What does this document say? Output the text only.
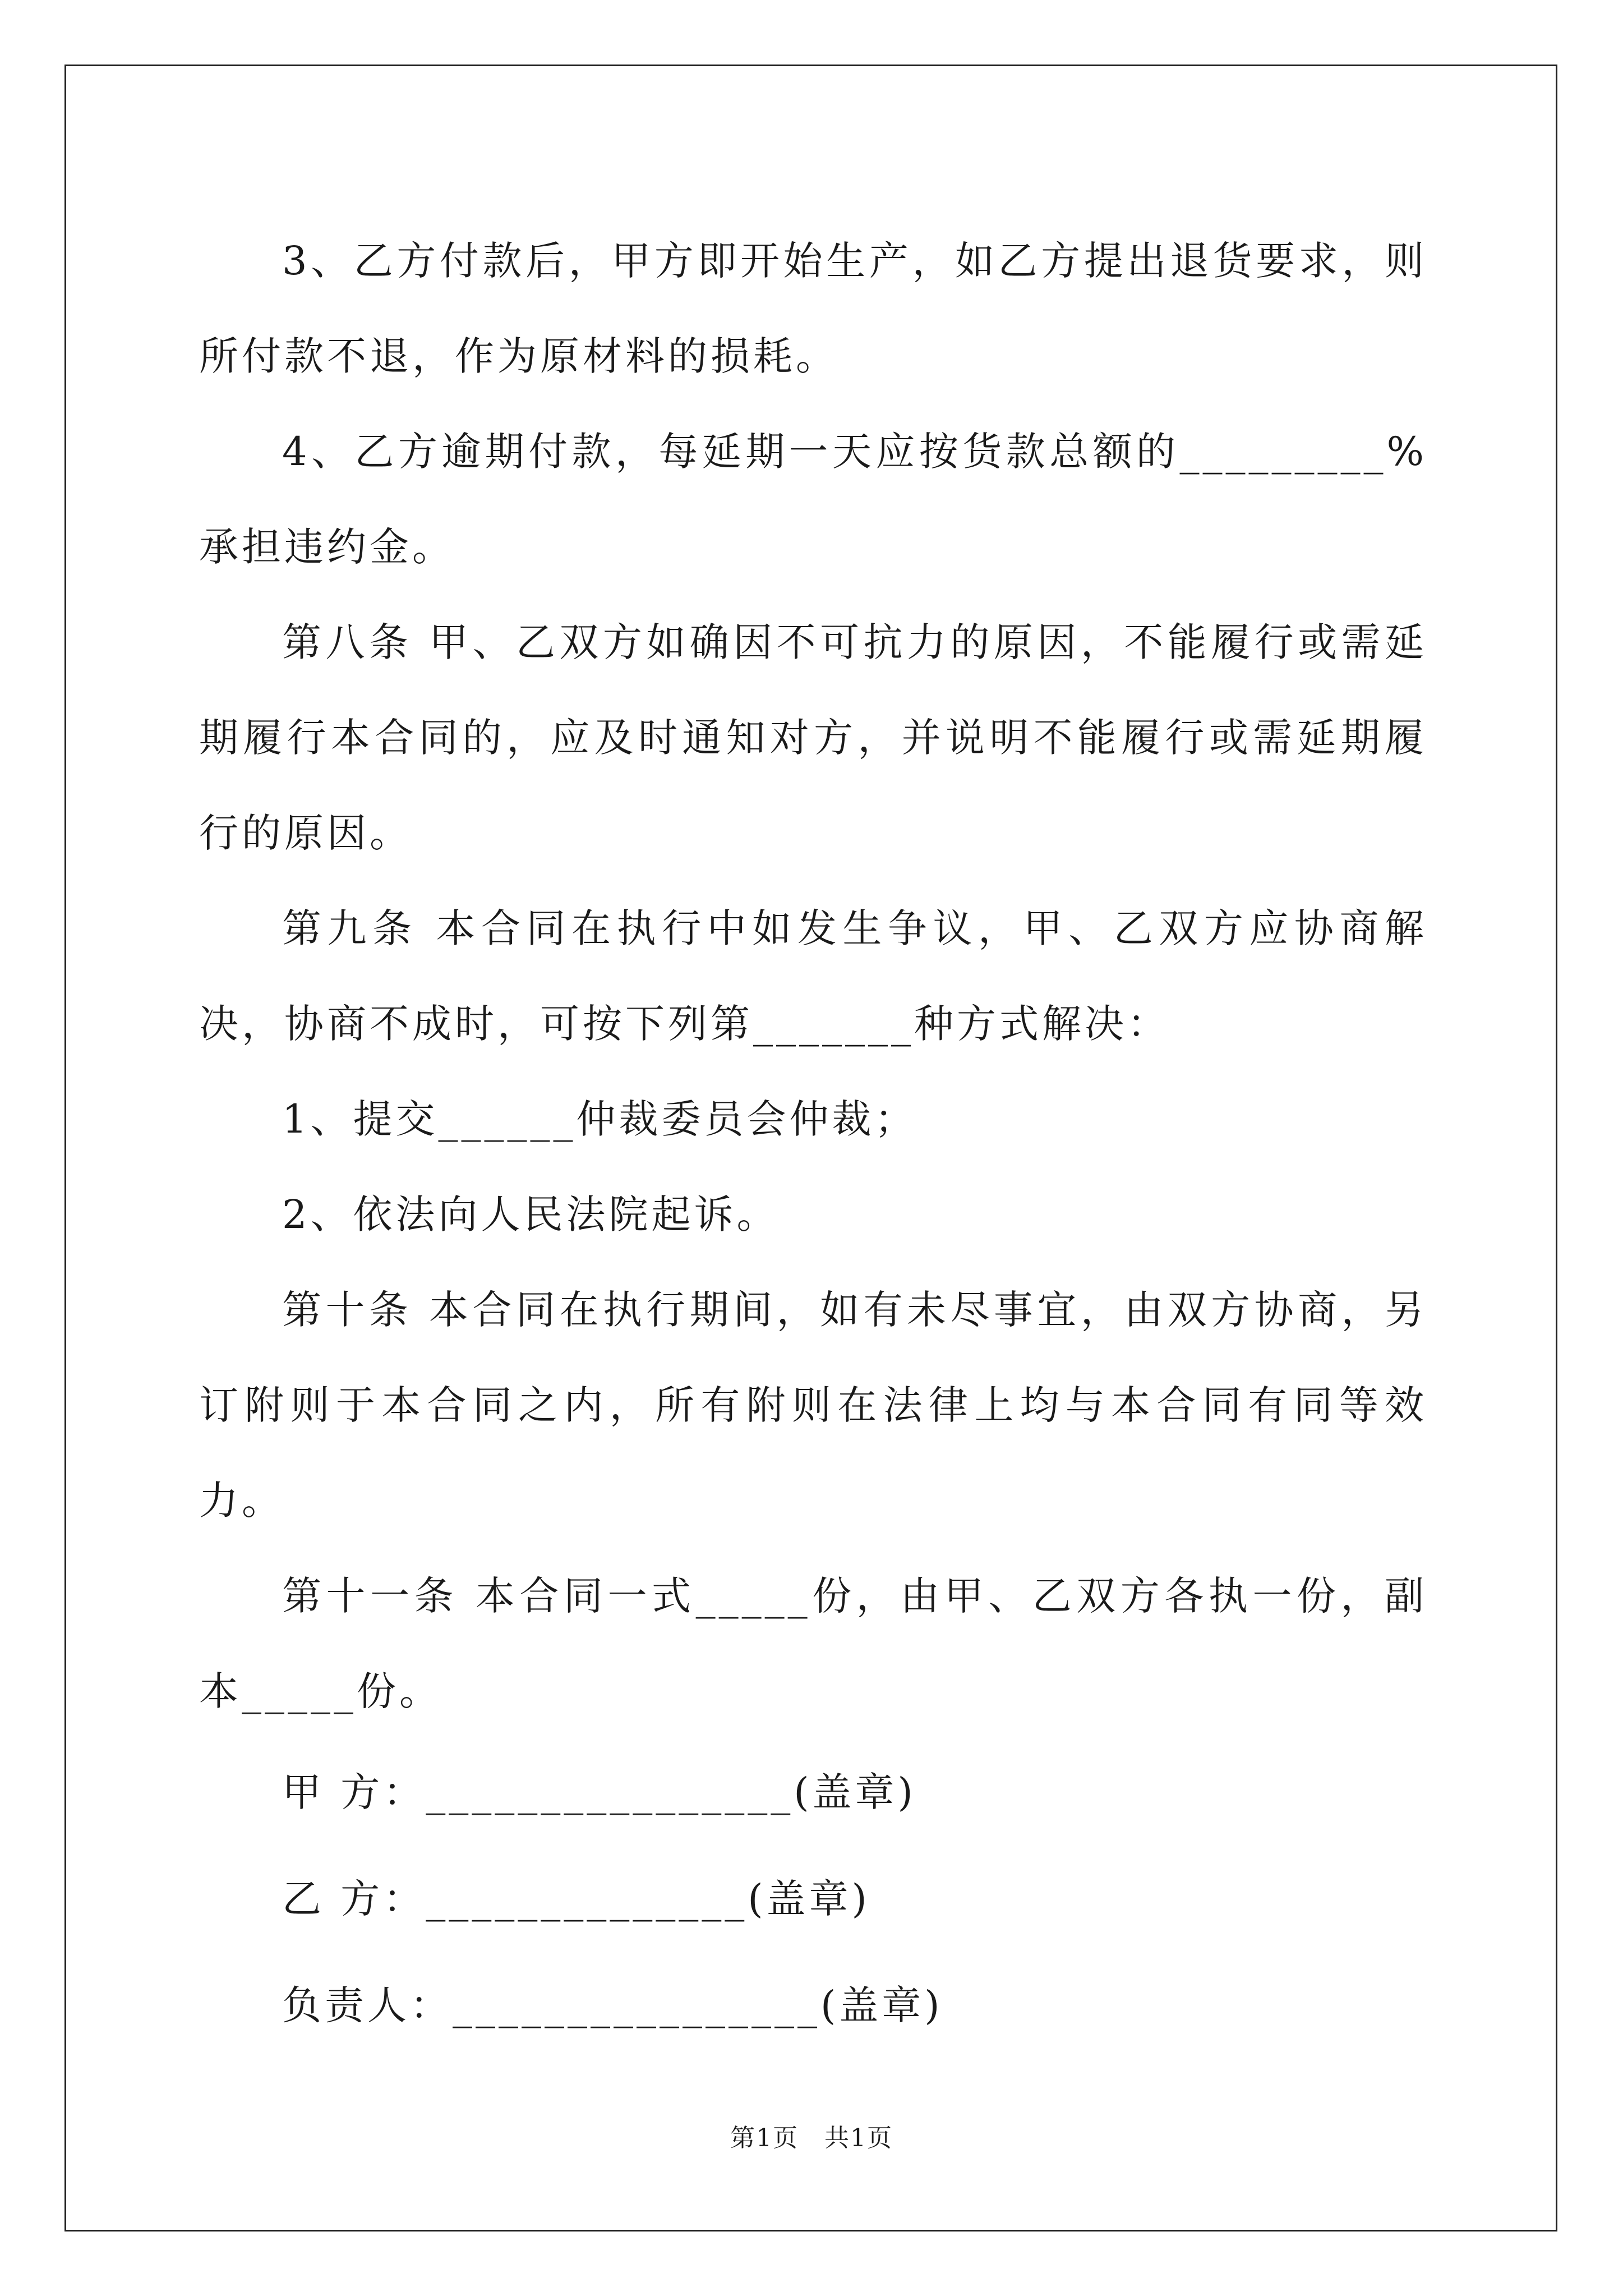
3、乙方付款后，甲方即开始生产，如乙方提出退货要求，则所付款不退，作为原材料的损耗。

4、乙方逾期付款，每延期一天应按货款总额的_________%承担违约金。

第八条 甲、乙双方如确因不可抗力的原因，不能履行或需延期履行本合同的，应及时通知对方，并说明不能履行或需延期履行的原因。

第九条 本合同在执行中如发生争议，甲、乙双方应协商解决，协商不成时，可按下列第_______种方式解决：

1、提交______仲裁委员会仲裁；

2、依法向人民法院起诉。

第十条 本合同在执行期间，如有未尽事宜，由双方协商，另订附则于本合同之内，所有附则在法律上均与本合同有同等效力。

第十一条 本合同一式_____份，由甲、乙双方各执一份，副本_____份。

甲 方：________________(盖章)

乙 方：______________(盖章)

负责人：________________(盖章)

第1页　共1页
